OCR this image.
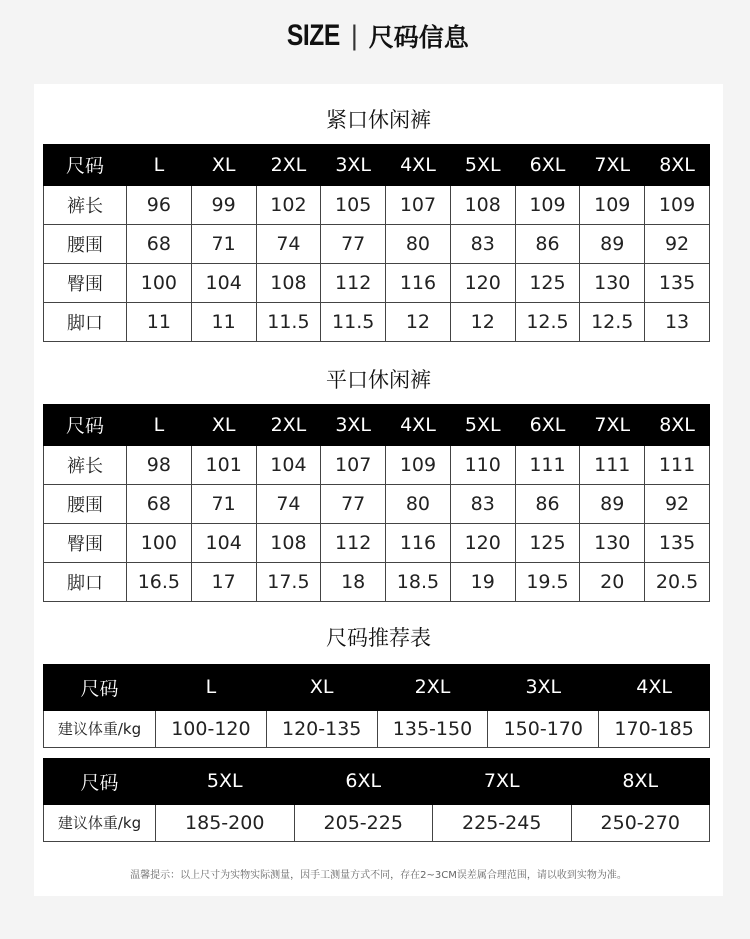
SIZE | 尺码信息
紧口休闲裤
尺码	L	XL	2XL	3XL	4XL	5XL	6XL	7XL	8XL
裤长	96	99	102	105	107	108	109	109	109
腰围	68	71	74	77	80	83	86	89	92
臀围	100	104	108	112	116	120	125	130	135
脚口	11	11	11.5	11.5	12	12	12.5	12.5	13
平口休闲裤
尺码	L	XL	2XL	3XL	4XL	5XL	6XL	7XL	8XL
裤长	98	101	104	107	109	110	111	111	111
腰围	68	71	74	77	80	83	86	89	92
臀围	100	104	108	112	116	120	125	130	135
脚口	16.5	17	17.5	18	18.5	19	19.5	20	20.5
尺码推荐表
尺码	L	XL	2XL	3XL	4XL
建议体重/kg	100-120	120-135	135-150	150-170	170-185
尺码	5XL	6XL	7XL	8XL
建议体重/kg	185-200	205-225	225-245	250-270
温馨提示：以上尺寸为实物实际测量，因手工测量方式不同，存在2~3CM误差属合理范围，请以收到实物为准。
